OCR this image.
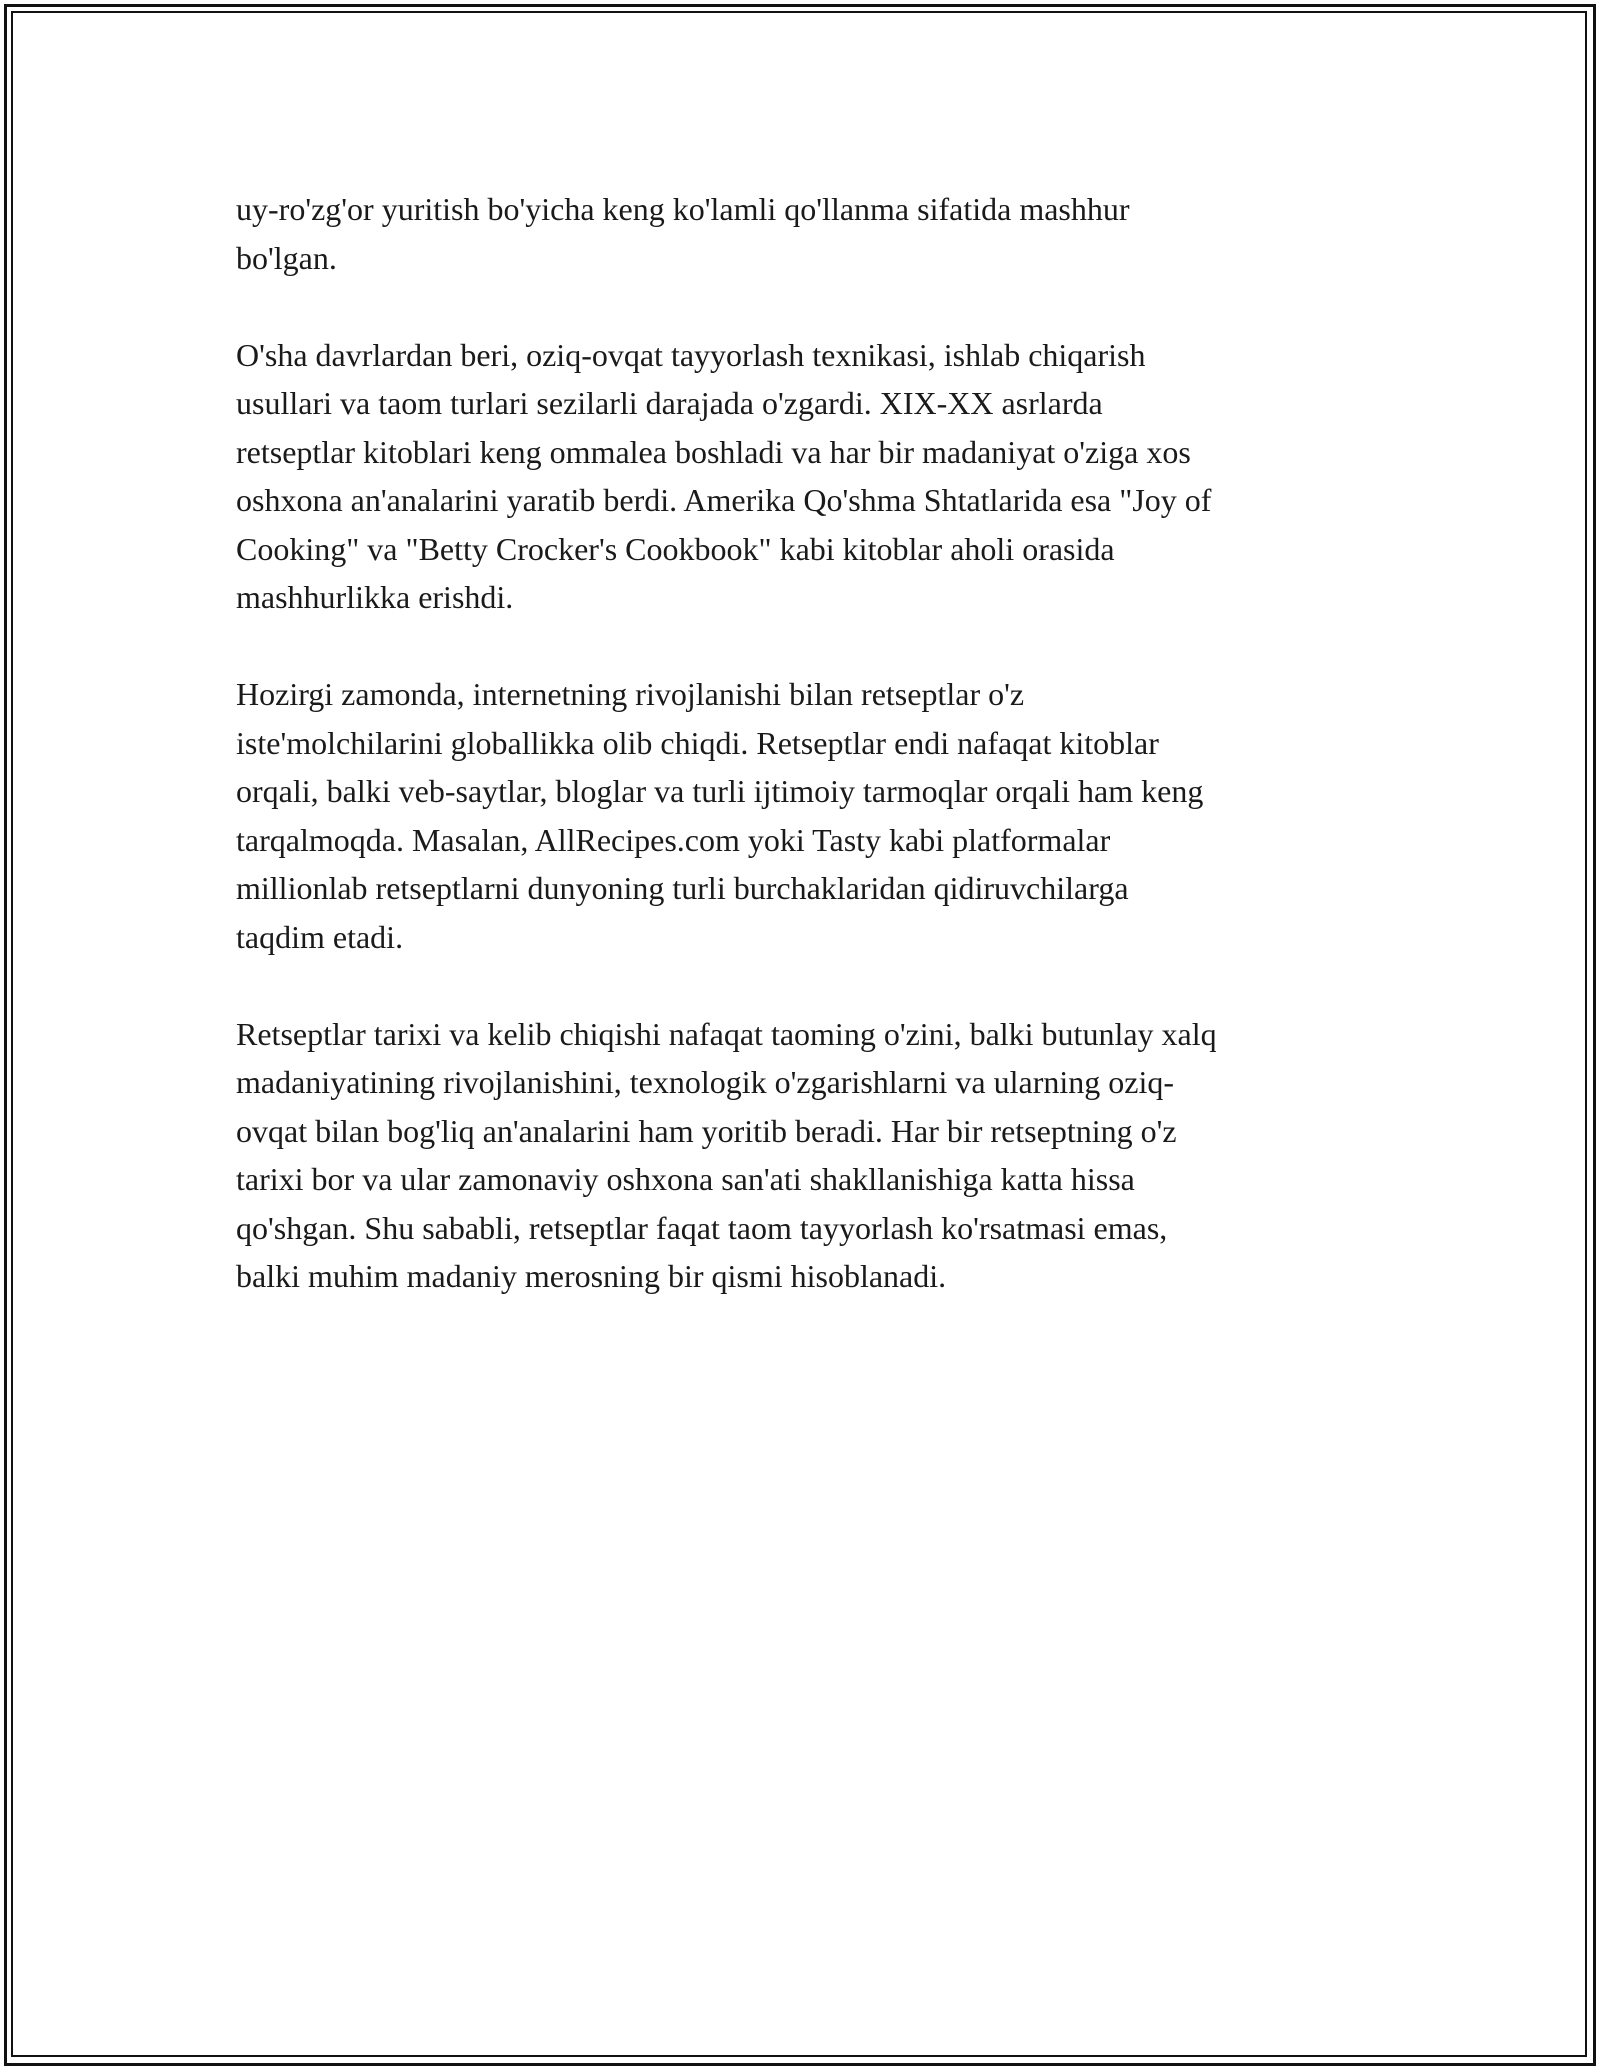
uy-ro'zg'or yuritish bo'yicha keng ko'lamli qo'llanma sifatida mashhur
bo'lgan.

O'sha davrlardan beri, oziq-ovqat tayyorlash texnikasi, ishlab chiqarish
usullari va taom turlari sezilarli darajada o'zgardi. XIX-XX asrlarda
retseptlar kitoblari keng ommalea boshladi va har bir madaniyat o'ziga xos
oshxona an'analarini yaratib berdi. Amerika Qo'shma Shtatlarida esa "Joy of
Cooking" va "Betty Crocker's Cookbook" kabi kitoblar aholi orasida
mashhurlikka erishdi.

Hozirgi zamonda, internetning rivojlanishi bilan retseptlar o'z
iste'molchilarini globallikka olib chiqdi. Retseptlar endi nafaqat kitoblar
orqali, balki veb-saytlar, bloglar va turli ijtimoiy tarmoqlar orqali ham keng
tarqalmoqda. Masalan, AllRecipes.com yoki Tasty kabi platformalar
millionlab retseptlarni dunyoning turli burchaklaridan qidiruvchilarga
taqdim etadi.

Retseptlar tarixi va kelib chiqishi nafaqat taoming o'zini, balki butunlay xalq
madaniyatining rivojlanishini, texnologik o'zgarishlarni va ularning oziq-
ovqat bilan bog'liq an'analarini ham yoritib beradi. Har bir retseptning o'z
tarixi bor va ular zamonaviy oshxona san'ati shakllanishiga katta hissa
qo'shgan. Shu sababli, retseptlar faqat taom tayyorlash ko'rsatmasi emas,
balki muhim madaniy merosning bir qismi hisoblanadi.
